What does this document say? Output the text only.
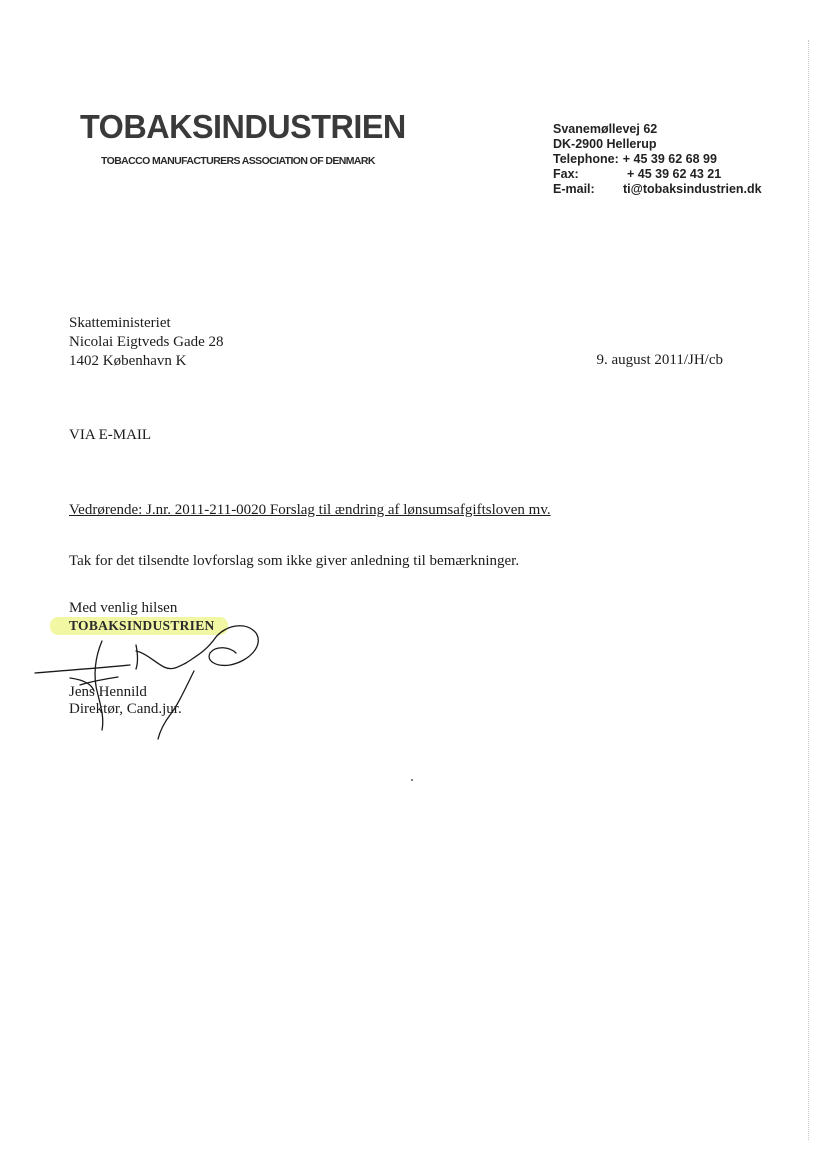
TOBAKSINDUSTRIEN
TOBACCO MANUFACTURERS ASSOCIATION OF DENMARK
Svanemøllevej 62
DK-2900 Hellerup
Telephone: + 45 39 62 68 99
Fax:	+ 45 39 62 43 21
E-mail:	ti@tobaksindustrien.dk
Skatteministeriet
Nicolai Eigtveds Gade 28
1402 København K	9. august 2011/JH/cb
VIA E-MAIL
Vedrørende: J.nr. 2011-211-0020 Forslag til ændring af lønsumsafgiftsloven mv.
Tak for det tilsendte lovforslag som ikke giver anledning til bemærkninger.
Med venlig hilsen
TOBAKSINDUSTRIEN
Jens Hennild
Direktør, Cand.jur.
